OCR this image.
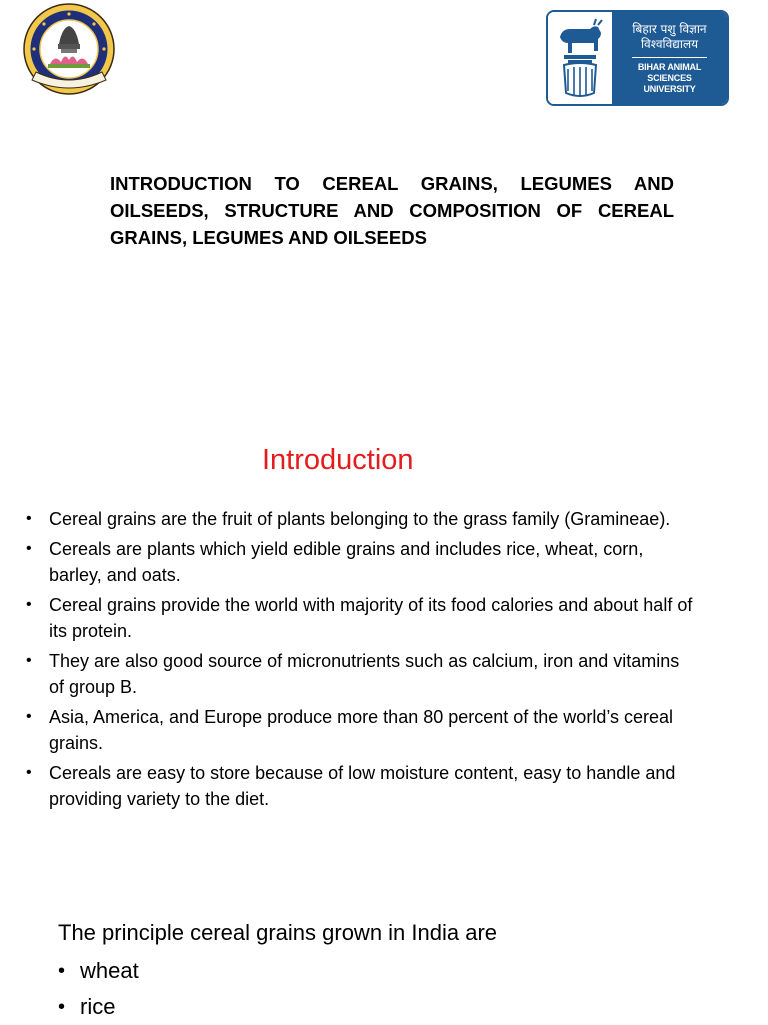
बिहार पशु विज्ञान
विश्वविद्यालय
BIHAR ANIMAL SCIENCES
UNIVERSITY

INTRODUCTION TO CEREAL GRAINS, LEGUMES AND OILSEEDS, STRUCTURE AND COMPOSITION OF CEREAL GRAINS, LEGUMES AND OILSEEDS

Introduction
• Cereal grains are the fruit of plants belonging to the grass family (Gramineae).
• Cereals are plants which yield edible grains and includes rice, wheat, corn, barley, and oats.
• Cereal grains provide the world with majority of its food calories and about half of its protein.
• They are also good source of micronutrients such as calcium, iron and vitamins of group B.
• Asia, America, and Europe produce more than 80 percent of the world’s cereal grains.
• Cereals are easy to store because of low moisture content, easy to handle and providing variety to the diet.

The principle cereal grains grown in India are

• wheat
• rice
